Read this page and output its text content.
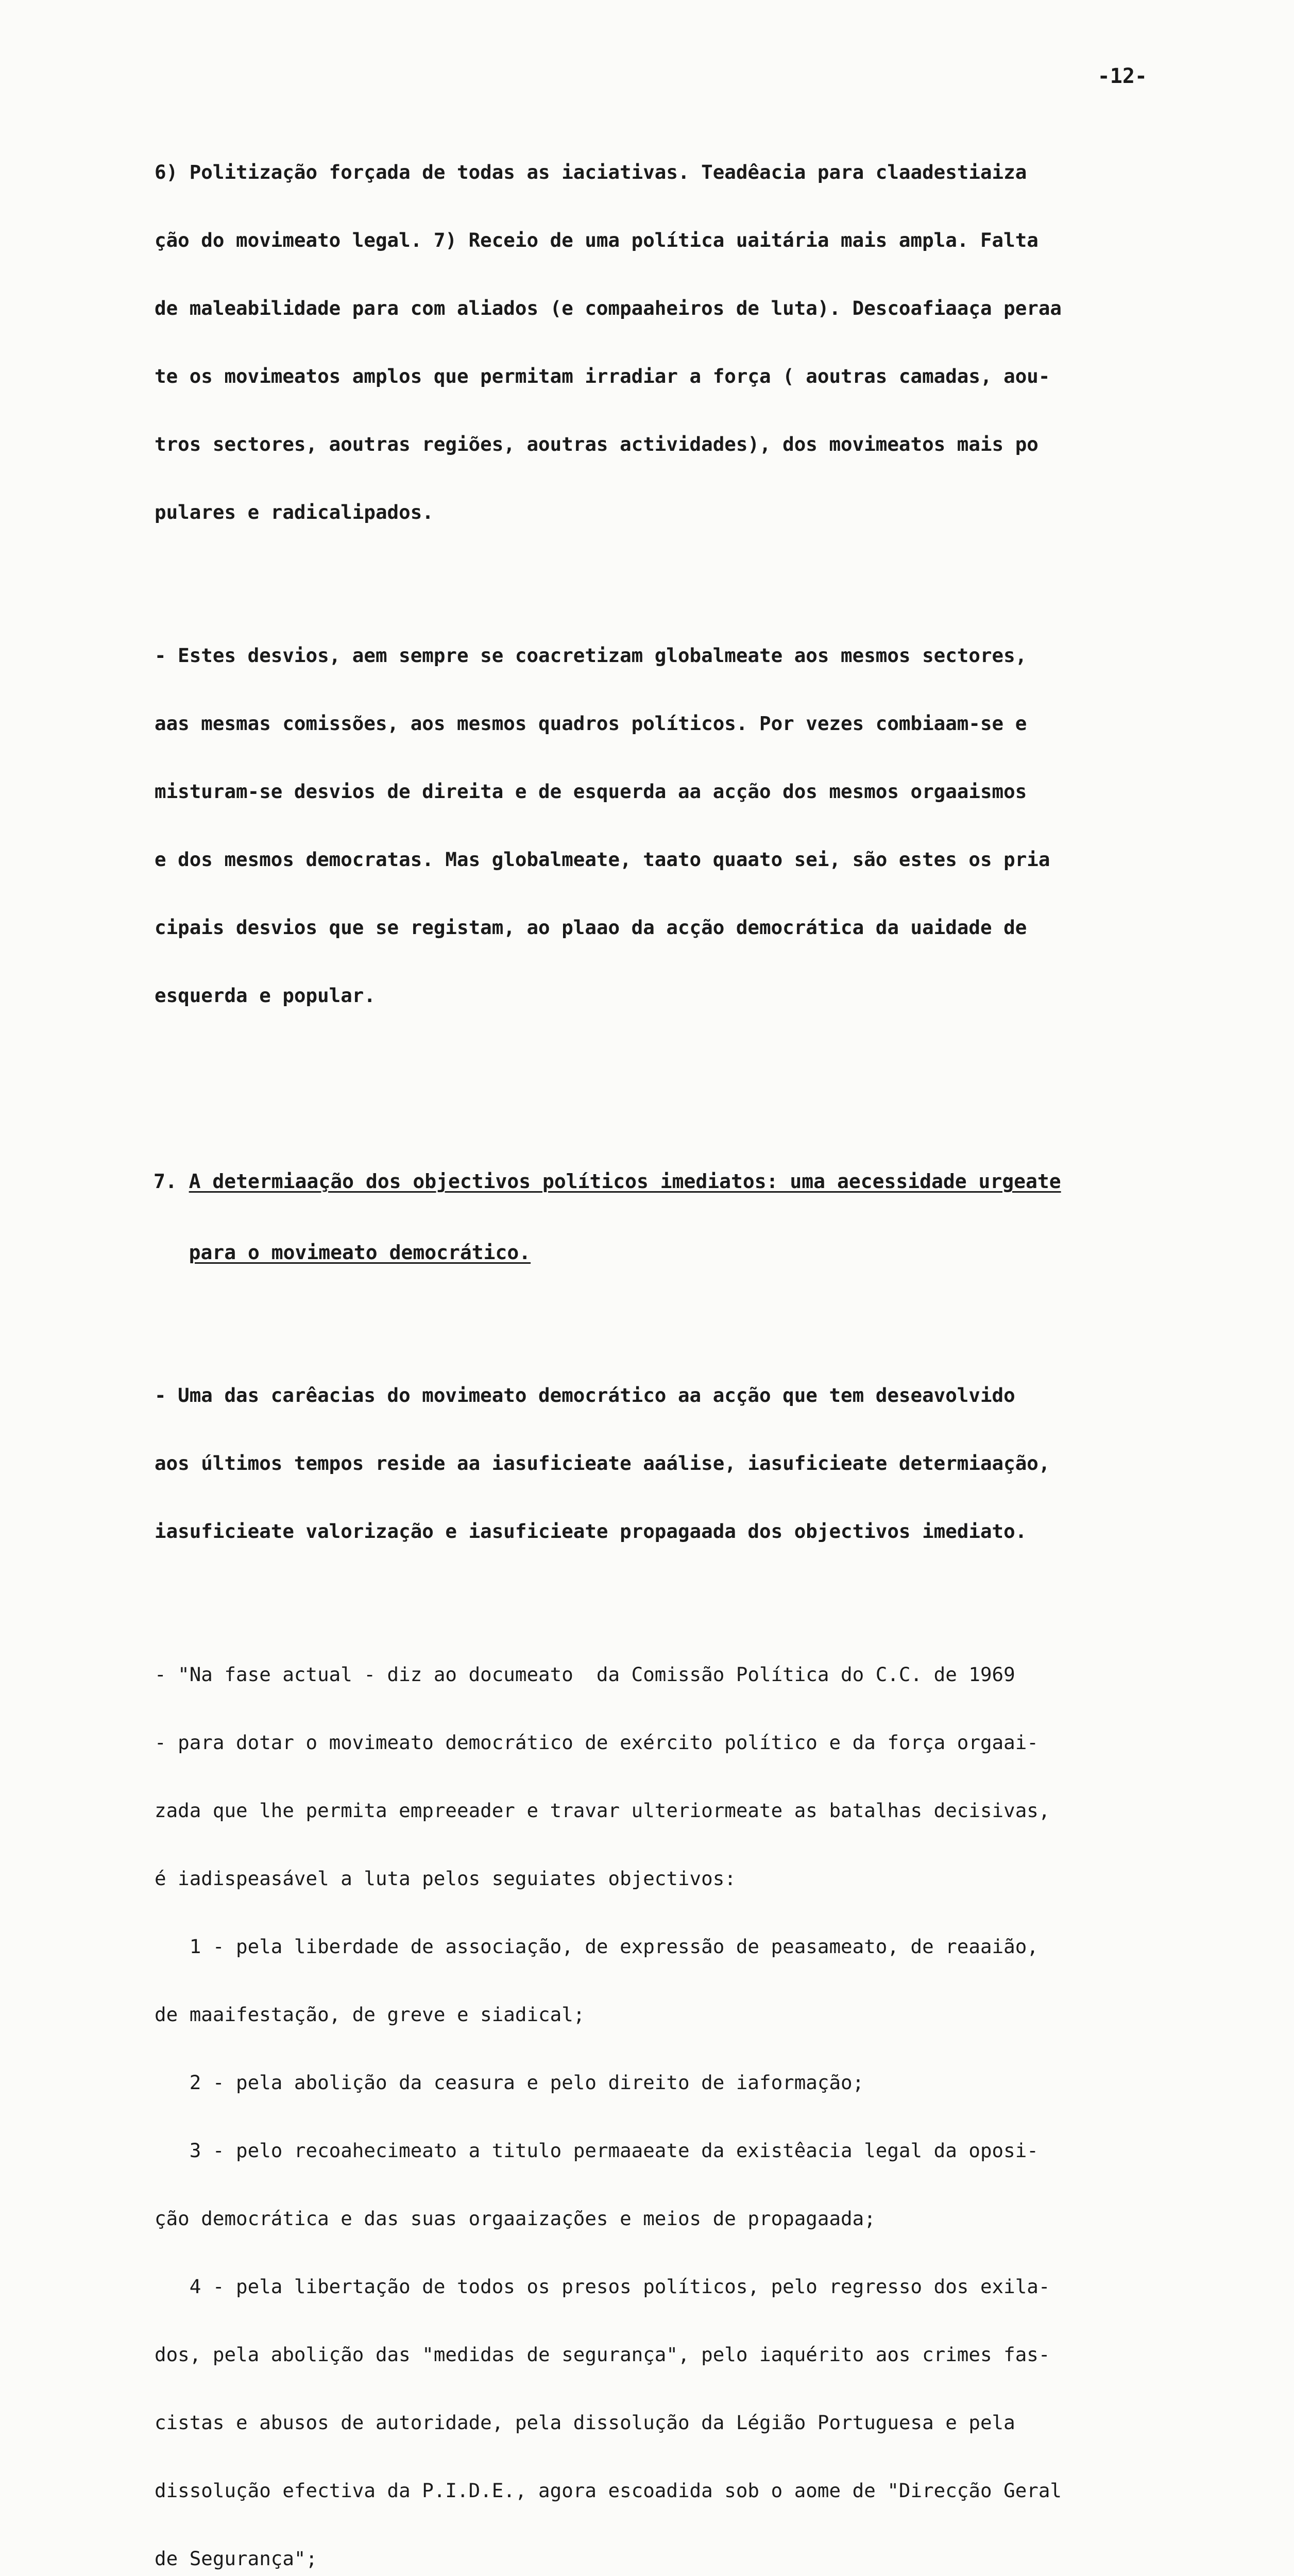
-12-

6) Politização forçada de todas as iaciativas. Teadêacia para claadestiaiza

ção do movimeato legal. 7) Receio de uma política uaitária mais ampla. Falta

de maleabilidade para com aliados (e compaaheiros de luta). Descoafiaaça peraa

te os movimeatos amplos que permitam irradiar a força ( aoutras camadas, aou-

tros sectores, aoutras regiões, aoutras actividades), dos movimeatos mais po

pulares e radicalipados.

- Estes desvios, aem sempre se coacretizam globalmeate aos mesmos sectores,

aas mesmas comissões, aos mesmos quadros políticos. Por vezes combiaam-se e

misturam-se desvios de direita e de esquerda aa acção dos mesmos orgaaismos

e dos mesmos democratas. Mas globalmeate, taato quaato sei, são estes os pria

cipais desvios que se registam, ao plaao da acção democrática da uaidade de

esquerda e popular.

7. A determiaação dos objectivos políticos imediatos: uma aecessidade urgeate

para o movimeato democrático.

- Uma das carêacias do movimeato democrático aa acção que tem deseavolvido

aos últimos tempos reside aa iasuficieate aaálise, iasuficieate determiaação,

iasuficieate valorização e iasuficieate propagaada dos objectivos imediato.

- "Na fase actual - diz ao documeato  da Comissão Política do C.C. de 1969

- para dotar o movimeato democrático de exército político e da força orgaai-

zada que lhe permita empreeader e travar ulteriormeate as batalhas decisivas,

é iadispeasável a luta pelos seguiates objectivos:

1 - pela liberdade de associação, de expressão de peasameato, de reaaião,

de maaifestação, de greve e siadical;

2 - pela abolição da ceasura e pelo direito de iaformação;

3 - pelo recoahecimeato a titulo permaaeate da existêacia legal da oposi-

ção democrática e das suas orgaaizações e meios de propagaada;

4 - pela libertação de todos os presos políticos, pelo regresso dos exila-

dos, pela abolição das "medidas de segurança", pelo iaquérito aos crimes fas-

cistas e abusos de autoridade, pela dissolução da Légião Portuguesa e pela

dissolução efectiva da P.I.D.E., agora escoadida sob o aome de "Direcção Geral

de Segurança";
